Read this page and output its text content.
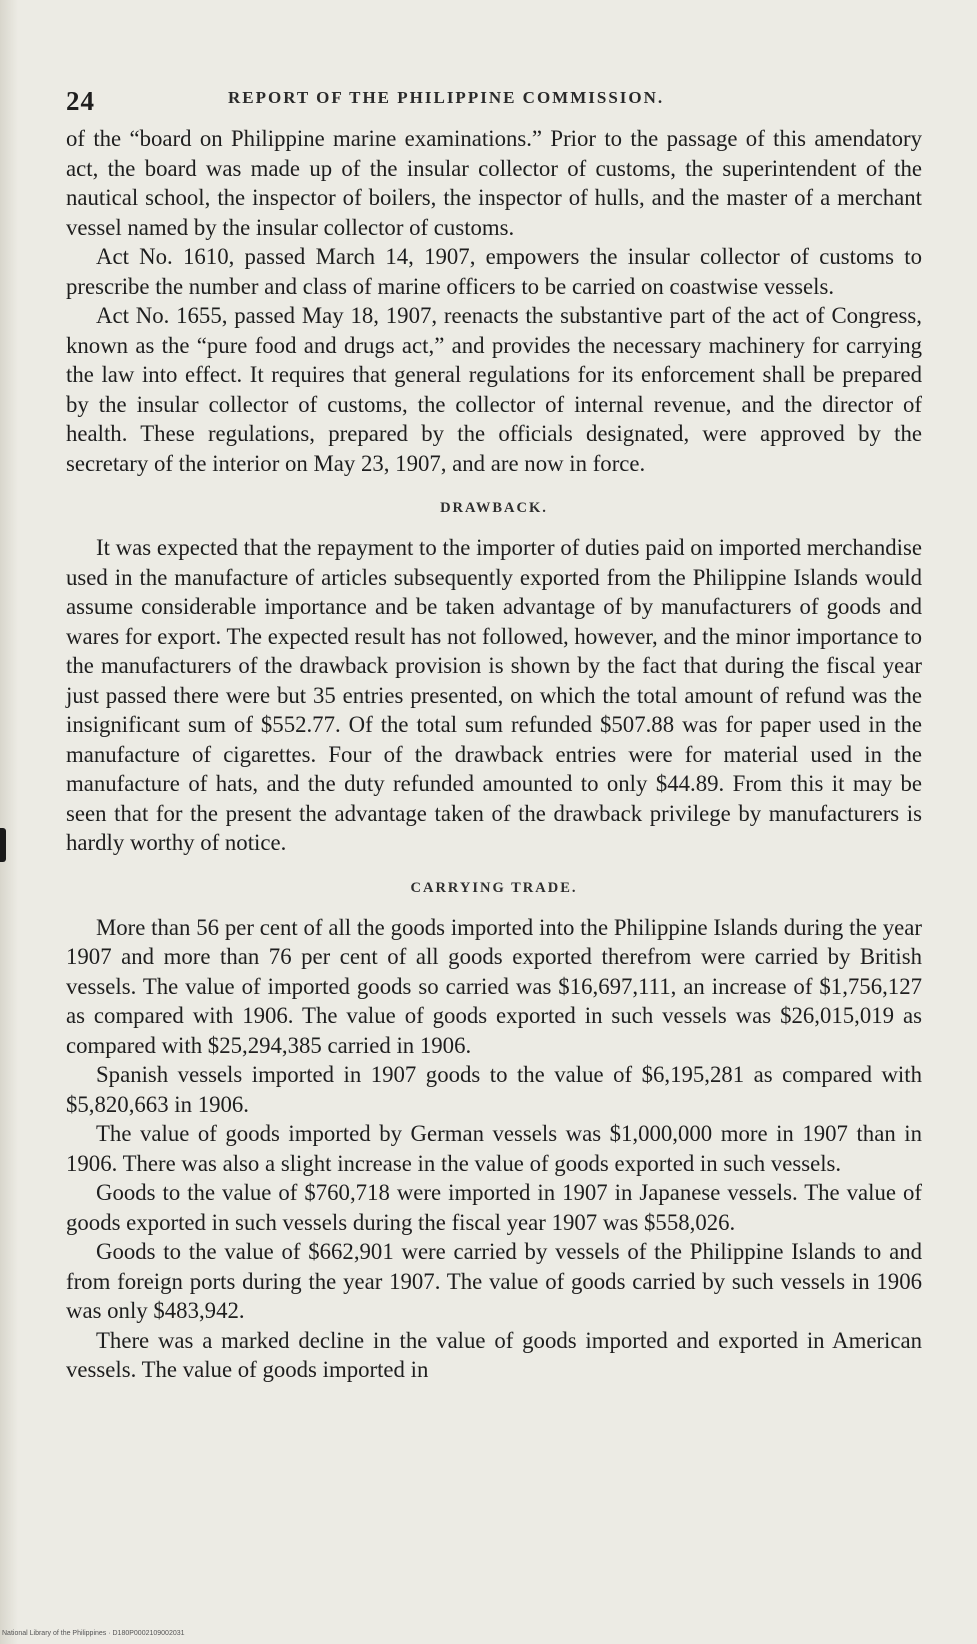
24	REPORT OF THE PHILIPPINE COMMISSION.

of the “board on Philippine marine examinations.” Prior to the passage of this amendatory act, the board was made up of the insular collector of customs, the superintendent of the nautical school, the inspector of boilers, the inspector of hulls, and the master of a merchant vessel named by the insular collector of customs.

Act No. 1610, passed March 14, 1907, empowers the insular collector of customs to prescribe the number and class of marine officers to be carried on coastwise vessels.

Act No. 1655, passed May 18, 1907, reenacts the substantive part of the act of Congress, known as the “pure food and drugs act,” and provides the necessary machinery for carrying the law into effect. It requires that general regulations for its enforcement shall be prepared by the insular collector of customs, the collector of internal revenue, and the director of health. These regulations, prepared by the officials designated, were approved by the secretary of the interior on May 23, 1907, and are now in force.

DRAWBACK.

It was expected that the repayment to the importer of duties paid on imported merchandise used in the manufacture of articles subsequently exported from the Philippine Islands would assume considerable importance and be taken advantage of by manufacturers of goods and wares for export. The expected result has not followed, however, and the minor importance to the manufacturers of the drawback provision is shown by the fact that during the fiscal year just passed there were but 35 entries presented, on which the total amount of refund was the insignificant sum of $552.77. Of the total sum refunded $507.88 was for paper used in the manufacture of cigarettes. Four of the drawback entries were for material used in the manufacture of hats, and the duty refunded amounted to only $44.89. From this it may be seen that for the present the advantage taken of the drawback privilege by manufacturers is hardly worthy of notice.

CARRYING TRADE.

More than 56 per cent of all the goods imported into the Philippine Islands during the year 1907 and more than 76 per cent of all goods exported therefrom were carried by British vessels. The value of imported goods so carried was $16,697,111, an increase of $1,756,127 as compared with 1906. The value of goods exported in such vessels was $26,015,019 as compared with $25,294,385 carried in 1906.

Spanish vessels imported in 1907 goods to the value of $6,195,281 as compared with $5,820,663 in 1906.

The value of goods imported by German vessels was $1,000,000 more in 1907 than in 1906. There was also a slight increase in the value of goods exported in such vessels.

Goods to the value of $760,718 were imported in 1907 in Japanese vessels. The value of goods exported in such vessels during the fiscal year 1907 was $558,026.

Goods to the value of $662,901 were carried by vessels of the Philippine Islands to and from foreign ports during the year 1907. The value of goods carried by such vessels in 1906 was only $483,942.

There was a marked decline in the value of goods imported and exported in American vessels. The value of goods imported in

National Library of the Philippines · D180P0002109002031
